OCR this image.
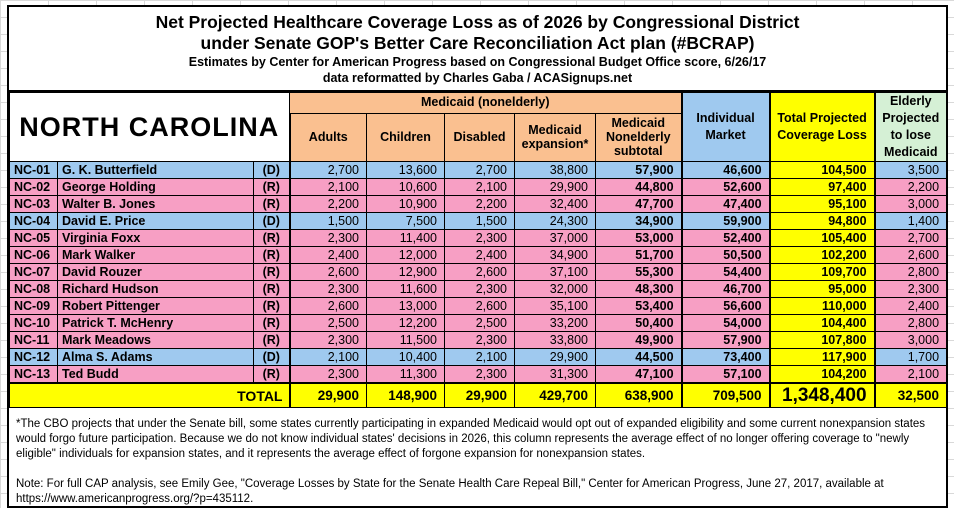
Net Projected Healthcare Coverage Loss as of 2026 by Congressional District
under Senate GOP's Better Care Reconciliation Act plan (#BCRAP)
Estimates by Center for American Progress based on Congressional Budget Office score, 6/26/17
data reformatted by Charles Gaba / ACASignups.net
NORTH CAROLINA			Medicaid (nonelderly)					Individual Market	Total Projected Coverage Loss	Elderly Projected to lose Medicaid
			Adults	Children	Disabled	Medicaid expansion*	Medicaid Nonelderly subtotal			
NC-01	G. K. Butterfield	(D)	2,700	13,600	2,700	38,800	57,900	46,600	104,500	3,500
NC-02	George Holding	(R)	2,100	10,600	2,100	29,900	44,800	52,600	97,400	2,200
NC-03	Walter B. Jones	(R)	2,200	10,900	2,200	32,400	47,700	47,400	95,100	3,000
NC-04	David E. Price	(D)	1,500	7,500	1,500	24,300	34,900	59,900	94,800	1,400
NC-05	Virginia Foxx	(R)	2,300	11,400	2,300	37,000	53,000	52,400	105,400	2,700
NC-06	Mark Walker	(R)	2,400	12,000	2,400	34,900	51,700	50,500	102,200	2,600
NC-07	David Rouzer	(R)	2,600	12,900	2,600	37,100	55,300	54,400	109,700	2,800
NC-08	Richard Hudson	(R)	2,300	11,600	2,300	32,000	48,300	46,700	95,000	2,300
NC-09	Robert Pittenger	(R)	2,600	13,000	2,600	35,100	53,400	56,600	110,000	2,400
NC-10	Patrick T. McHenry	(R)	2,500	12,200	2,500	33,200	50,400	54,000	104,400	2,800
NC-11	Mark Meadows	(R)	2,300	11,500	2,300	33,800	49,900	57,900	107,800	3,000
NC-12	Alma S. Adams	(D)	2,100	10,400	2,100	29,900	44,500	73,400	117,900	1,700
NC-13	Ted Budd	(R)	2,300	11,300	2,300	31,300	47,100	57,100	104,200	2,100
TOTAL			29,900	148,900	29,900	429,700	638,900	709,500	1,348,400	32,500

*The CBO projects that under the Senate bill, some states currently participating in expanded Medicaid would opt out of expanded eligibility and some current nonexpansion states would forgo future participation. Because we do not know individual states' decisions in 2026, this column represents the average effect of no longer offering coverage to "newly eligible" individuals for expansion states, and it represents the average effect of forgone expansion for nonexpansion states.

Note: For full CAP analysis, see Emily Gee, "Coverage Losses by State for the Senate Health Care Repeal Bill," Center for American Progress, June 27, 2017, available at https://www.americanprogress.org/?p=435112.
